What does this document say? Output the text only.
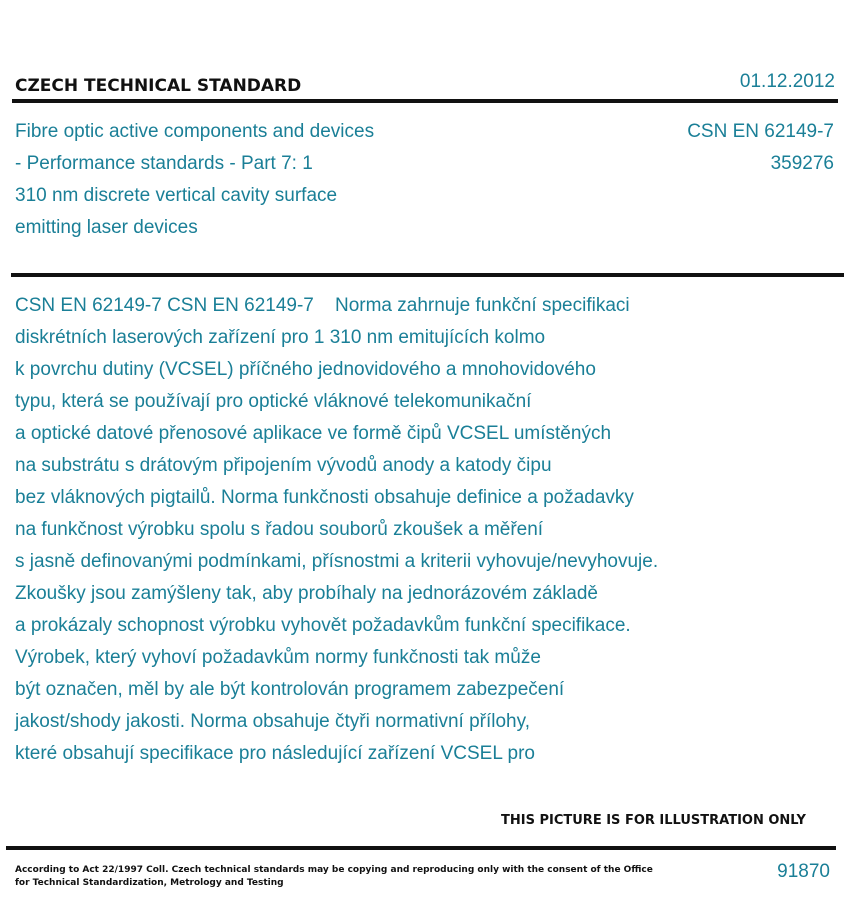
CZECH TECHNICAL STANDARD	01.12.2012
Fibre optic active components and devices
- Performance standards - Part 7: 1
310 nm discrete vertical cavity surface
emitting laser devices
CSN EN 62149-7
359276
CSN EN 62149-7 CSN EN 62149-7    Norma zahrnuje funkční specifikaci
diskrétních laserových zařízení pro 1 310 nm emitujících kolmo
k povrchu dutiny (VCSEL) příčného jednovidového a mnohovidového
typu, která se používají pro optické vláknové telekomunikační
a optické datové přenosové aplikace ve formě čipů VCSEL umístěných
na substrátu s drátovým připojením vývodů anody a katody čipu
bez vláknových pigtailů. Norma funkčnosti obsahuje definice a požadavky
na funkčnost výrobku spolu s řadou souborů zkoušek a měření
s jasně definovanými podmínkami, přísnostmi a kriterii vyhovuje/nevyhovuje.
Zkoušky jsou zamýšleny tak, aby probíhaly na jednorázovém základě
a prokázaly schopnost výrobku vyhovět požadavkům funkční specifikace.
Výrobek, který vyhoví požadavkům normy funkčnosti tak může
být označen, měl by ale být kontrolován programem zabezpečení
jakost/shody jakosti. Norma obsahuje čtyři normativní přílohy,
které obsahují specifikace pro následující zařízení VCSEL pro
THIS PICTURE IS FOR ILLUSTRATION ONLY
According to Act 22/1997 Coll. Czech technical standards may be copying and reproducing only with the consent of the Office
for Technical Standardization, Metrology and Testing
91870
